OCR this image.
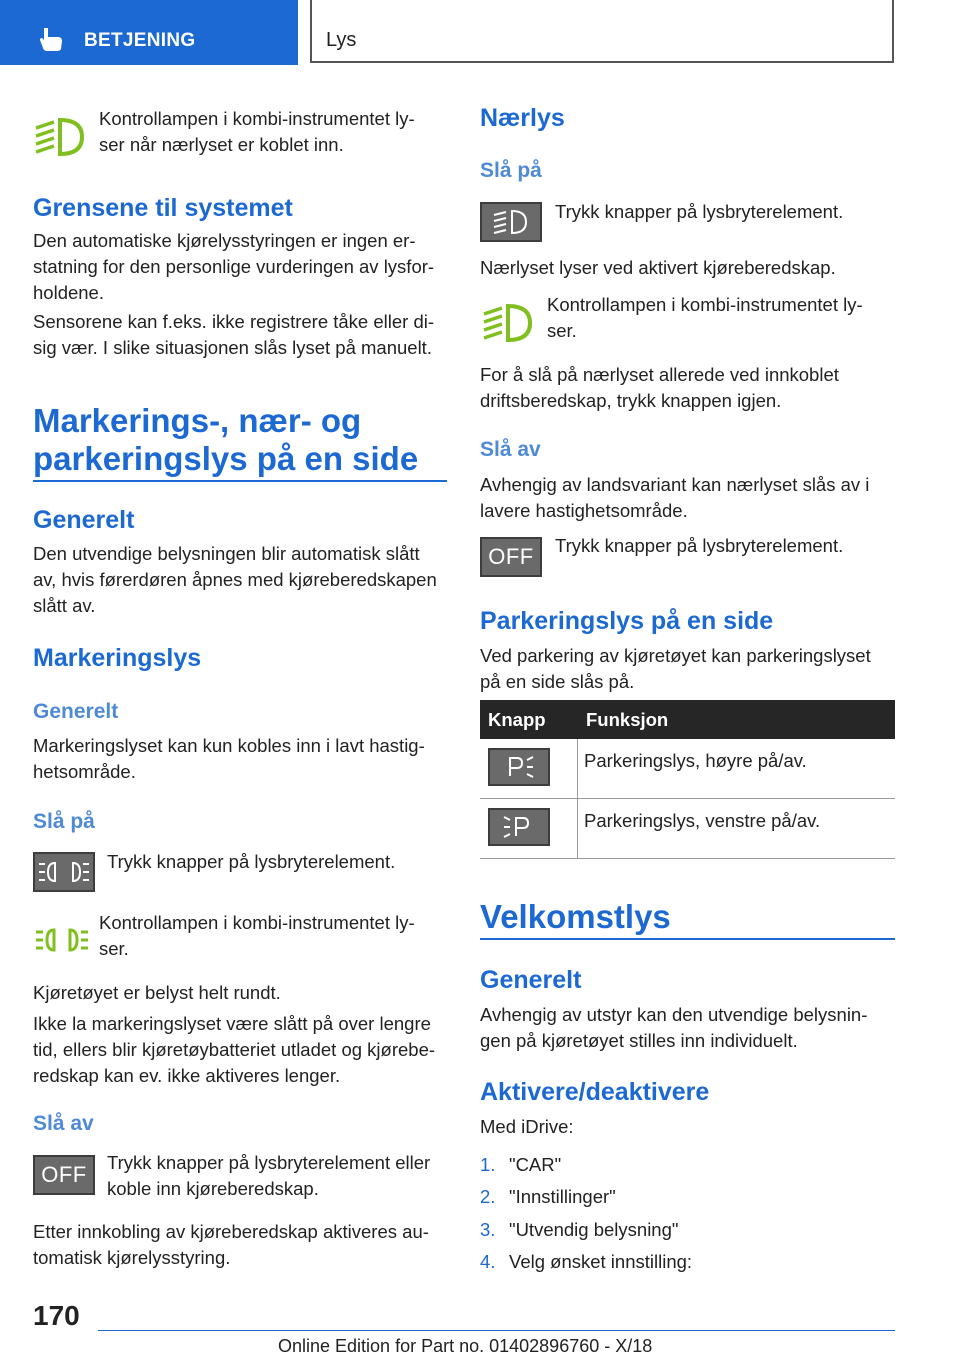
BETJENING	Lys

Kontrollampen i kombi-instrumentet ly-
ser når nærlyset er koblet inn.

Grensene til systemet

Den automatiske kjørelysstyringen er ingen er-
statning for den personlige vurderingen av lysfor-
holdene.

Sensorene kan f.eks. ikke registrere tåke eller di-
sig vær. I slike situasjonen slås lyset på manuelt.

Markerings-, nær- og
parkeringslys på en side
Generelt

Den utvendige belysningen blir automatisk slått
av, hvis førerdøren åpnes med kjøreberedskapen
slått av.

Markeringslys
Generelt

Markeringslyset kan kun kobles inn i lavt hastig-
hetsområde.

Slå på

Trykk knapper på lysbryterelement.

Kontrollampen i kombi-instrumentet ly-
ser.

Kjøretøyet er belyst helt rundt.

Ikke la markeringslyset være slått på over lengre
tid, ellers blir kjøretøybatteriet utladet og kjørebe-
redskap kan ev. ikke aktiveres lenger.

Slå av
OFF Trykk knapper på lysbryterelement eller
koble inn kjøreberedskap.

Etter innkobling av kjøreberedskap aktiveres au-
tomatisk kjørelysstyring.

Nærlys
Slå på

Trykk knapper på lysbryterelement.

Nærlyset lyser ved aktivert kjøreberedskap.

Kontrollampen i kombi-instrumentet ly-
ser.

For å slå på nærlyset allerede ved innkoblet
driftsberedskap, trykk knappen igjen.

Slå av

Avhengig av landsvariant kan nærlyset slås av i
lavere hastighetsområde.

OFF Trykk knapper på lysbryterelement.

Parkeringslys på en side

Ved parkering av kjøretøyet kan parkeringslyset
på en side slås på.

Knapp	Funksjon
Parkeringslys, høyre på/av.
Parkeringslys, venstre på/av.
Velkomstlys
Generelt

Avhengig av utstyr kan den utvendige belysnin-
gen på kjøretøyet stilles inn individuelt.

Aktivere/deaktivere

Med iDrive:

1. "CAR"
2. "Innstillinger"
3. "Utvendig belysning"
4. Velg ønsket innstilling:
170
Online Edition for Part no. 01402896760 - X/18
